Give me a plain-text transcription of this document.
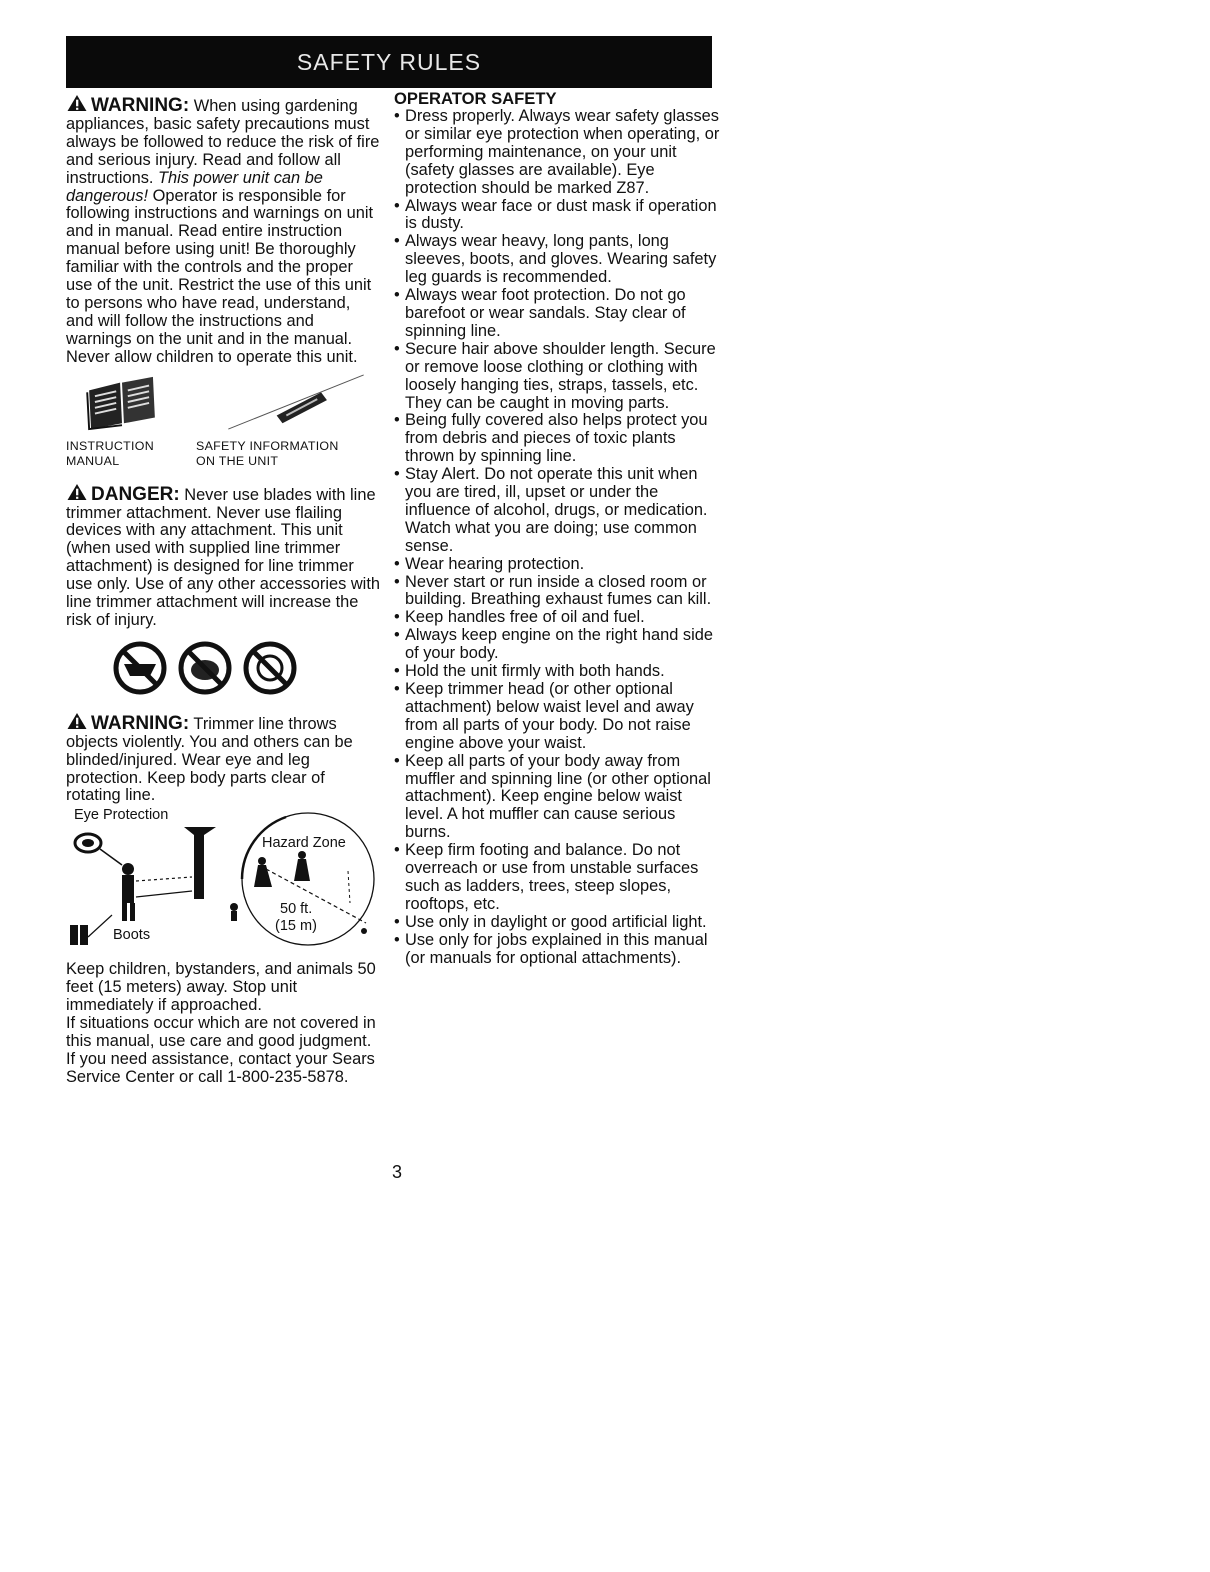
SAFETY RULES

WARNING: When using gardening appliances, basic safety precautions must always be followed to reduce the risk of fire and serious injury. Read and follow all instructions. This power unit can be dangerous! Operator is responsible for following instructions and warnings on unit and in manual. Read entire instruction manual before using unit! Be thoroughly familiar with the controls and the proper use of the unit. Restrict the use of this unit to persons who have read, understand, and will follow the instructions and warnings on the unit and in the manual. Never allow children to operate this unit.

INSTRUCTION MANUAL
SAFETY INFORMATION ON THE UNIT

DANGER: Never use blades with line trimmer attachment. Never use flailing devices with any attachment. This unit (when used with supplied line trimmer attachment) is designed for line trimmer use only. Use of any other accessories with line trimmer attachment will increase the risk of injury.

WARNING: Trimmer line throws objects violently. You and others can be blinded/injured. Wear eye and leg protection. Keep body parts clear of rotating line.

Eye Protection
Hazard Zone
50 ft.
(15 m)
Boots

Keep children, bystanders, and animals 50 feet (15 meters) away. Stop unit immediately if approached.

If situations occur which are not covered in this manual, use care and good judgment. If you need assistance, contact your Sears Service Center or call 1-800-235-5878.

OPERATOR SAFETY
• Dress properly. Always wear safety glasses or similar eye protection when operating, or performing maintenance, on your unit (safety glasses are available). Eye protection should be marked Z87.
• Always wear face or dust mask if operation is dusty.
• Always wear heavy, long pants, long sleeves, boots, and gloves. Wearing safety leg guards is recommended.
• Always wear foot protection. Do not go barefoot or wear sandals. Stay clear of spinning line.
• Secure hair above shoulder length. Secure or remove loose clothing or clothing with loosely hanging ties, straps, tassels, etc. They can be caught in moving parts.
• Being fully covered also helps protect you from debris and pieces of toxic plants thrown by spinning line.
• Stay Alert. Do not operate this unit when you are tired, ill, upset or under the influence of alcohol, drugs, or medication. Watch what you are doing; use common sense.
• Wear hearing protection.
• Never start or run inside a closed room or building. Breathing exhaust fumes can kill.
• Keep handles free of oil and fuel.
• Always keep engine on the right hand side of your body.
• Hold the unit firmly with both hands.
• Keep trimmer head (or other optional attachment) below waist level and away from all parts of your body. Do not raise engine above your waist.
• Keep all parts of your body away from muffler and spinning line (or other optional attachment). Keep engine below waist level. A hot muffler can cause serious burns.
• Keep firm footing and balance. Do not overreach or use from unstable surfaces such as ladders, trees, steep slopes, rooftops, etc.
• Use only in daylight or good artificial light.
• Use only for jobs explained in this manual (or manuals for optional attachments).
3
